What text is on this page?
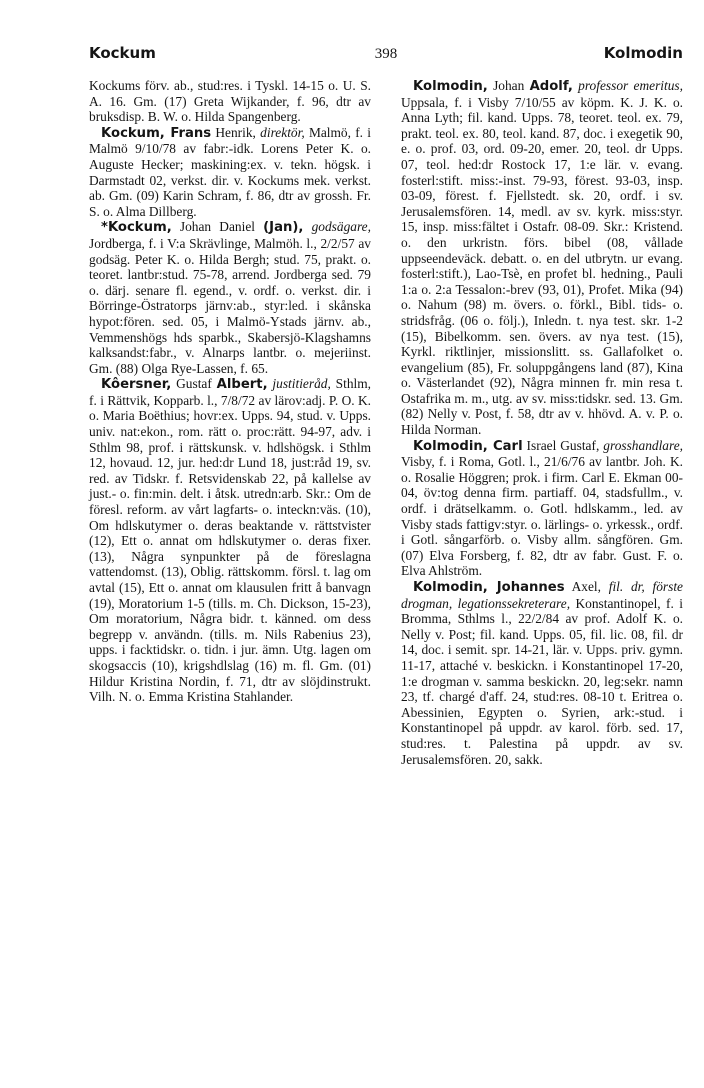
Kockum	398	Kolmodin

Kockums förv. ab., stud:res. i Tyskl. 14-15 o. U. S. A. 16. Gm. (17) Greta Wijkander, f. 96, dtr av bruksdisp. B. W. o. Hilda Spangenberg.

Kockum, Frans Henrik, direktör, Malmö, f. i Malmö 9/10/78 av fabr:-idk. Lorens Peter K. o. Auguste Hecker; maskining:ex. v. tekn. högsk. i Darmstadt 02, verkst. dir. v. Kockums mek. verkst. ab. Gm. (09) Karin Schram, f. 86, dtr av grossh. Fr. S. o. Alma Dillberg.

*Kockum, Johan Daniel (Jan), godsägare, Jordberga, f. i V:a Skrävlinge, Malmöh. l., 2/2/57 av godsäg. Peter K. o. Hilda Bergh; stud. 75, prakt. o. teoret. lantbr:stud. 75-78, arrend. Jordberga sed. 79 o. därj. senare fl. egend., v. ordf. o. verkst. dir. i Börringe-Östratorps järnv:ab., styr:led. i skånska hypot:fören. sed. 05, i Malmö-Ystads järnv. ab., Vemmenshögs hds sparbk., Skabersjö-Klagshamns kalksandst:fabr., v. Alnarps lantbr. o. mejeriinst. Gm. (88) Olga Rye-Lassen, f. 65.

Kôersner, Gustaf Albert, justitieråd, Sthlm, f. i Rättvik, Kopparb. l., 7/8/72 av lärov:adj. P. O. K. o. Maria Boëthius; hovr:ex. Upps. 94, stud. v. Upps. univ. nat:ekon., rom. rätt o. proc:rätt. 94-97, adv. i Sthlm 98, prof. i rättskunsk. v. hdlshögsk. i Sthlm 12, hovaud. 12, jur. hed:dr Lund 18, just:råd 19, sv. red. av Tidskr. f. Retsvidenskab 22, på kallelse av just.- o. fin:min. delt. i åtsk. utredn:arb. Skr.: Om de föresl. reform. av vårt lagfarts- o. inteckn:väs. (10), Om hdlskutymer o. deras beaktande v. rättstvister (12), Ett o. annat om hdlskutymer o. deras fixer. (13), Några synpunkter på de föreslagna vattendomst. (13), Oblig. rättskomm. försl. t. lag om avtal (15), Ett o. annat om klausulen fritt å banvagn (19), Moratorium 1-5 (tills. m. Ch. Dickson, 15-23), Om moratorium, Några bidr. t. känned. om dess begrepp v. användn. (tills. m. Nils Rabenius 23), upps. i facktidskr. o. tidn. i jur. ämn. Utg. lagen om skogsaccis (10), krigshdlslag (16) m. fl. Gm. (01) Hildur Kristina Nordin, f. 71, dtr av slöjdinstrukt. Vilh. N. o. Emma Kristina Stahlander.

Kolmodin, Johan Adolf, professor emeritus, Uppsala, f. i Visby 7/10/55 av köpm. K. J. K. o. Anna Lyth; fil. kand. Upps. 78, teoret. teol. ex. 79, prakt. teol. ex. 80, teol. kand. 87, doc. i exegetik 90, e. o. prof. 03, ord. 09-20, emer. 20, teol. dr Upps. 07, teol. hed:dr Rostock 17, 1:e lär. v. evang. fosterl:stift. miss:-inst. 79-93, förest. 93-03, insp. 03-09, förest. f. Fjellstedt. sk. 20, ordf. i sv. Jerusalemsfören. 14, medl. av sv. kyrk. miss:styr. 15, insp. miss:fältet i Ostafr. 08-09. Skr.: Kristend. o. den urkristn. förs. bibel (08, vållade uppseendeväck. debatt. o. en del utbrytn. ur evang. fosterl:stift.), Lao-Tsè, en profet bl. hedning., Pauli 1:a o. 2:a Tessalon:-brev (93, 01), Profet. Mika (94) o. Nahum (98) m. övers. o. förkl., Bibl. tids- o. stridsfråg. (06 o. följ.), Inledn. t. nya test. skr. 1-2 (15), Bibelkomm. sen. övers. av nya test. (15), Kyrkl. riktlinjer, missionslitt. ss. Gallafolket o. evangelium (85), Fr. soluppgångens land (87), Kina o. Västerlandet (92), Några minnen fr. min resa t. Ostafrika m. m., utg. av sv. miss:tidskr. sed. 13. Gm. (82) Nelly v. Post, f. 58, dtr av v. hhövd. A. v. P. o. Hilda Norman.

Kolmodin, Carl Israel Gustaf, grosshandlare, Visby, f. i Roma, Gotl. l., 21/6/76 av lantbr. Joh. K. o. Rosalie Höggren; prok. i firm. Carl E. Ekman 00-04, öv:tog denna firm. partiaff. 04, stadsfullm., v. ordf. i drätselkamm. o. Gotl. hdlskamm., led. av Visby stads fattigv:styr. o. lärlings- o. yrkessk., ordf. i Gotl. sångarförb. o. Visby allm. sångfören. Gm. (07) Elva Forsberg, f. 82, dtr av fabr. Gust. F. o. Elva Ahlström.

Kolmodin, Johannes Axel, fil. dr, förste drogman, legationssekreterare, Konstantinopel, f. i Bromma, Sthlms l., 22/2/84 av prof. Adolf K. o. Nelly v. Post; fil. kand. Upps. 05, fil. lic. 08, fil. dr 14, doc. i semit. spr. 14-21, lär. v. Upps. priv. gymn. 11-17, attaché v. beskickn. i Konstantinopel 17-20, 1:e drogman v. samma beskickn. 20, leg:sekr. namn 23, tf. chargé d'aff. 24, stud:res. 08-10 t. Eritrea o. Abessinien, Egypten o. Syrien, ark:-stud. i Konstantinopel på uppdr. av karol. förb. sed. 17, stud:res. t. Palestina på uppdr. av sv. Jerusalemsfören. 20, sakk.
